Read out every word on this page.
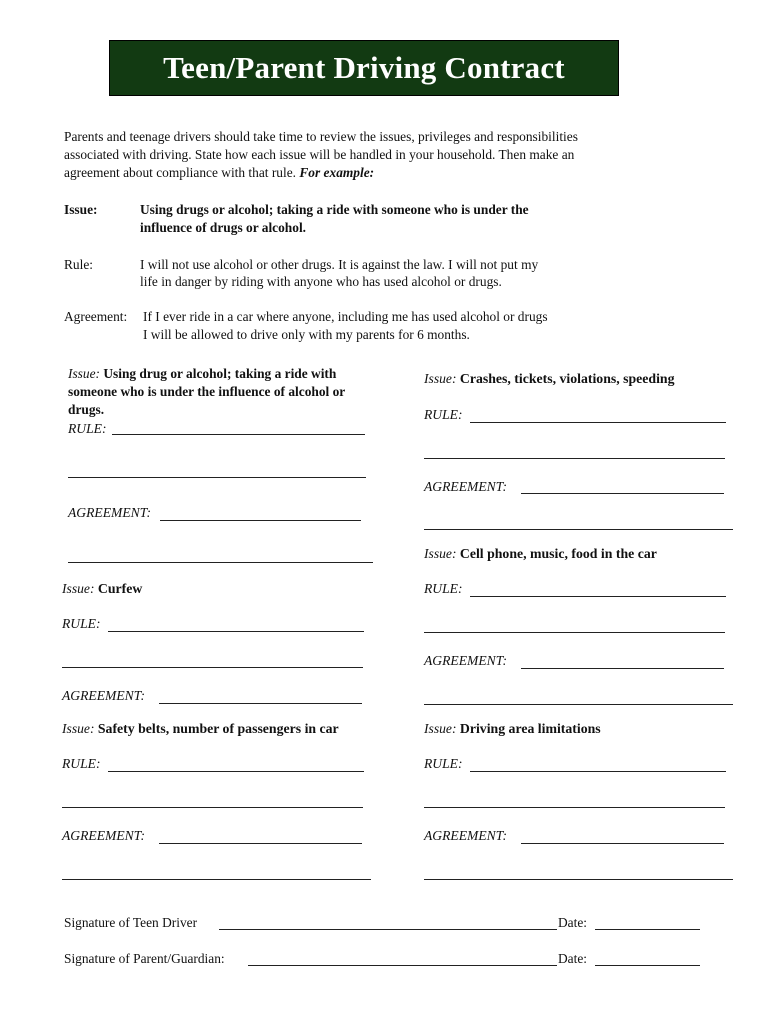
Teen/Parent Driving Contract
Parents and teenage drivers should take time to review the issues, privileges and responsibilities
associated with driving. State how each issue will be handled in your household. Then make an
agreement about compliance with that rule. For example:
Issue:	Using drugs or alcohol; taking a ride with someone who is under the
influence of drugs or alcohol.
Rule:	I will not use alcohol or other drugs. It is against the law. I will not put my
life in danger by riding with anyone who has used alcohol or drugs.
Agreement: If I ever ride in a car where anyone, including me has used alcohol or drugs
I will be allowed to drive only with my parents for 6 months.
Issue: Using drug or alcohol; taking a ride with
someone who is under the influence of alcohol or
drugs.
RULE:
AGREEMENT:
Issue: Crashes, tickets, violations, speeding
RULE:
AGREEMENT:
Issue: Cell phone, music, food in the car
RULE:
AGREEMENT:
Issue: Curfew
RULE:
AGREEMENT:
Issue: Safety belts, number of passengers in car
RULE:
AGREEMENT:
Issue: Driving area limitations
RULE:
AGREEMENT:
Signature of Teen Driver	Date:
Signature of Parent/Guardian:	Date:
